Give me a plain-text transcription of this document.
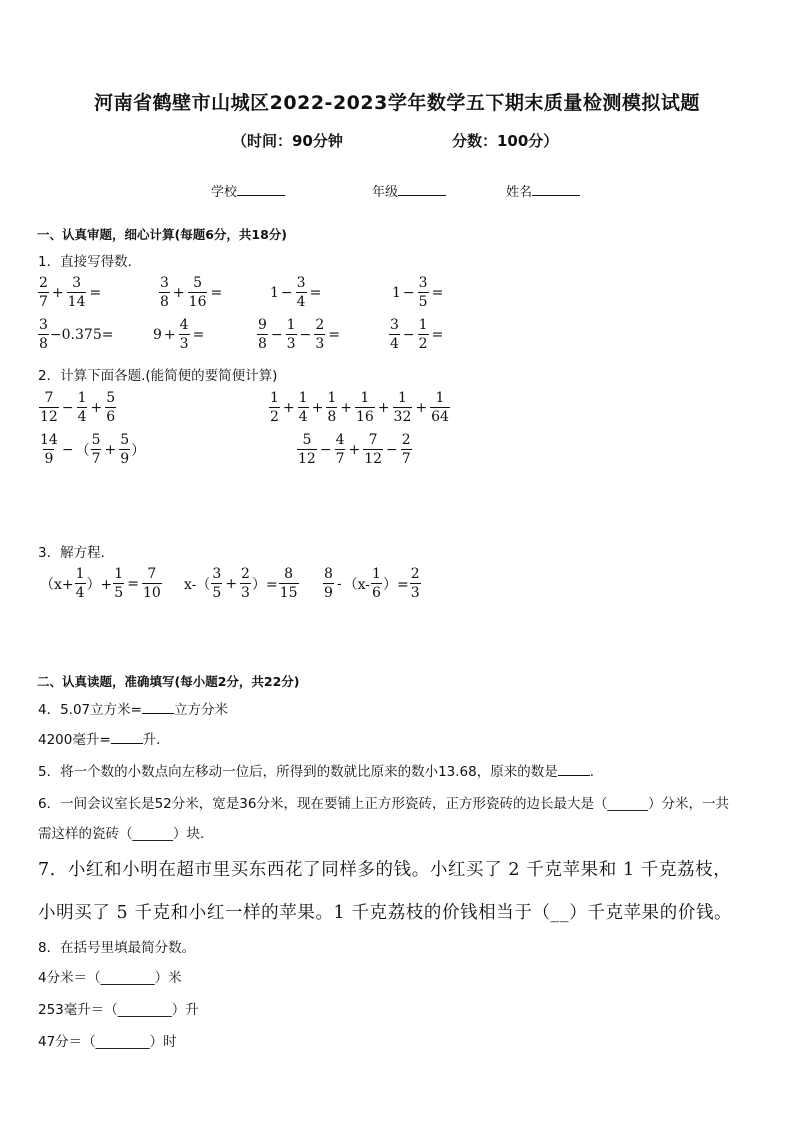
河南省鹤壁市山城区2022-2023学年数学五下期末质量检测模拟试题
（时间：90分钟	分数：100分）
学校	年级	姓名
一、认真审题，细心计算(每题6分，共18分)
1．直接写得数.
$\frac{2}{7} + \frac{3}{14}$ =	$\frac{3}{8} + \frac{5}{16}$ =	$1 - \frac{3}{4}$ =	$1 - \frac{3}{5}$ =
$\frac{3}{8} -0.375=$	$9 + \frac{4}{3}$ =	$\frac{9}{8} - \frac{1}{3} - \frac{2}{3}$ =	$\frac{3}{4} - \frac{1}{2}$ =
2．计算下面各题.(能简便的要简便计算)
$\frac{7}{12} - \frac{1}{4} + \frac{5}{6}$	$\frac{1}{2} + \frac{1}{4} + \frac{1}{8} + \frac{1}{16} + \frac{1}{32} + \frac{1}{64}$
$\frac{14}{9}$ − （ $\frac{5}{7} + \frac{5}{9}$ ）	$\frac{5}{12} - \frac{4}{7} + \frac{7}{12} - \frac{2}{7}$
3．解方程.
（$x+ \frac{1}{4}$ ）+ $\frac{1}{5} = \frac{7}{10} x-( \frac{3}{5} + \frac{2}{3}$ ）= $\frac{8}{15} \frac{8}{9} - (x- \frac{1}{6}$ ）= $\frac{2}{3}$
二、认真读题，准确填写(每小题2分，共22分)
4．5.07立方米= 立方分米
4200毫升= 升.
5．将一个数的小数点向左移动一位后，所得到的数就比原来的数小13.68，原来的数是 .
6．一间会议室长是52分米，宽是36分米，现在要铺上正方形瓷砖，正方形瓷砖的边长最大是（______）分米，一共
需这样的瓷砖（______）块.
7．小红和小明在超市里买东西花了同样多的钱。小红买了 2 千克苹果和 1 千克荔枝，
小明买了 5 千克和小红一样的苹果。1 千克荔枝的价钱相当于（__）千克苹果的价钱。
8．在括号里填最简分数。
4分米＝（________）米
253毫升＝（________）升
47分＝（________）时
